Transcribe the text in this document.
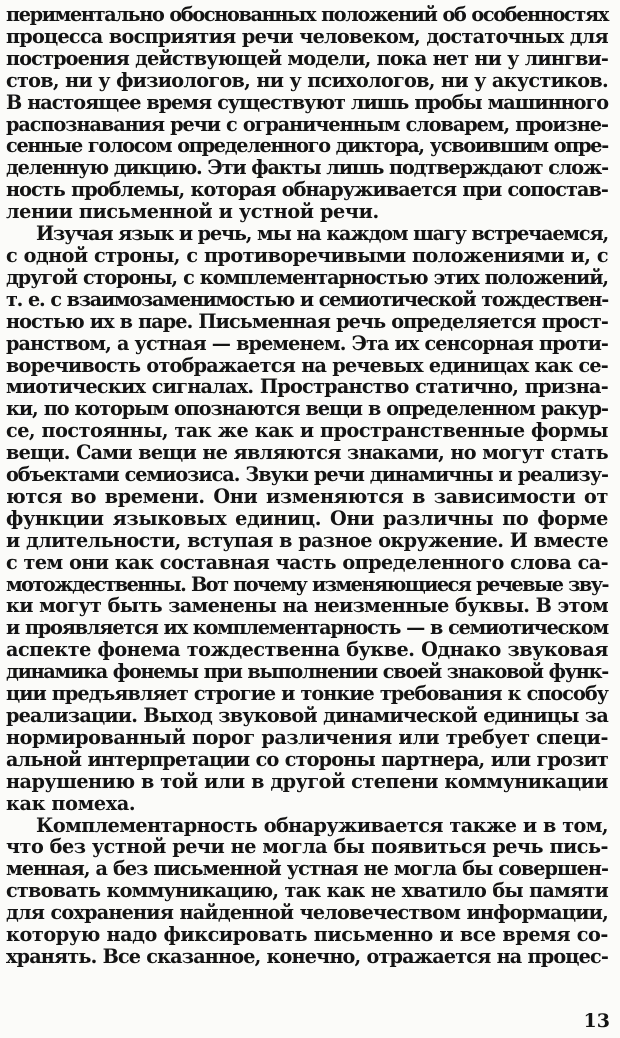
периментально обоснованных положений об особенностях
процесса восприятия речи человеком, достаточных для
построения действующей модели, пока нет ни у лингви-
стов, ни у физиологов, ни у психологов, ни у акустиков.
В настоящее время существуют лишь пробы машинного
распознавания речи с ограниченным словарем, произне-
сенные голосом определенного диктора, усвоившим опре-
деленную дикцию. Эти факты лишь подтверждают слож-
ность проблемы, которая обнаруживается при сопостав-
лении письменной и устной речи.
Изучая язык и речь, мы на каждом шагу встречаемся,
с одной строны, с противоречивыми положениями и, с
другой стороны, с комплементарностью этих положений,
т. е. с взаимозаменимостью и семиотической тождествен-
ностью их в паре. Письменная речь определяется прост-
ранством, а устная — временем. Эта их сенсорная проти-
воречивость отображается на речевых единицах как се-
миотических сигналах. Пространство статично, призна-
ки, по которым опознаются вещи в определенном ракур-
се, постоянны, так же как и пространственные формы
вещи. Сами вещи не являются знаками, но могут стать
объектами семиозиса. Звуки речи динамичны и реализу-
ются во времени. Они изменяются в зависимости от
функции языковых единиц. Они различны по форме
и длительности, вступая в разное окружение. И вместе
с тем они как составная часть определенного слова са-
мотождественны. Вот почему изменяющиеся речевые зву-
ки могут быть заменены на неизменные буквы. В этом
и проявляется их комплементарность — в семиотическом
аспекте фонема тождественна букве. Однако звуковая
динамика фонемы при выполнении своей знаковой функ-
ции предъявляет строгие и тонкие требования к способу
реализации. Выход звуковой динамической единицы за
нормированный порог различения или требует специ-
альной интерпретации со стороны партнера, или грозит
нарушению в той или в другой степени коммуникации
как помеха.
Комплементарность обнаруживается также и в том,
что без устной речи не могла бы появиться речь пись-
менная, а без письменной устная не могла бы совершен-
ствовать коммуникацию, так как не хватило бы памяти
для сохранения найденной человечеством информации,
которую надо фиксировать письменно и все время со-
хранять. Все сказанное, конечно, отражается на процес-
13
